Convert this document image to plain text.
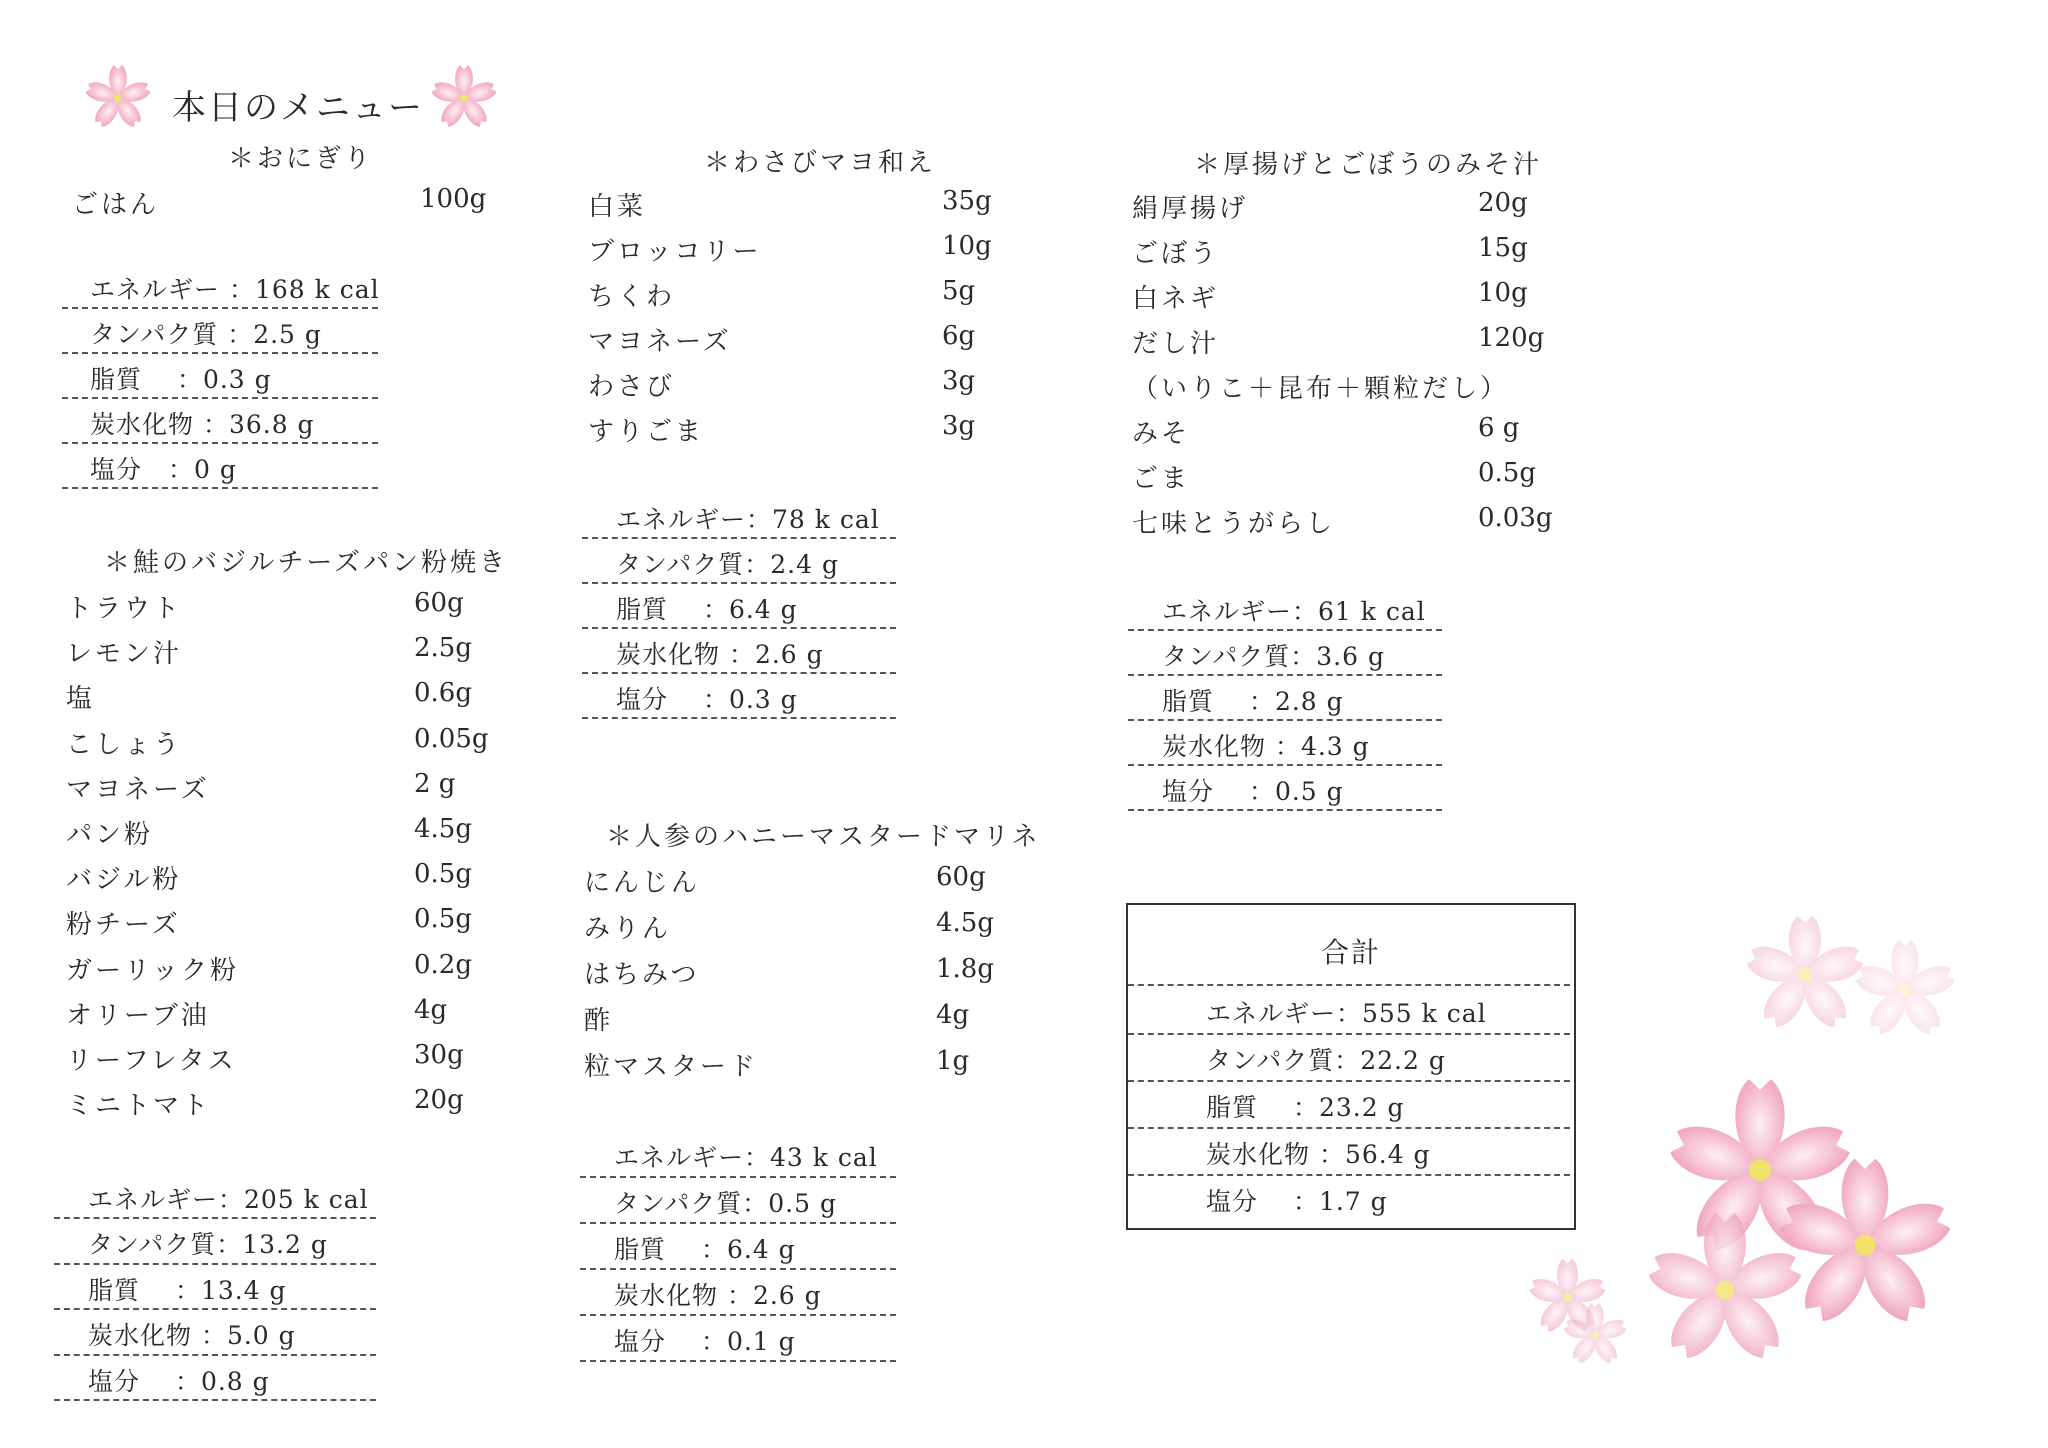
本日のメニュー
＊おにぎり
ごはん	100g
エネルギー ：168 k cal
タンパク質 ：2.5 g
脂質　 ：0.3 g
炭水化物 ：36.8 g
塩分　：0 g
＊鮭のバジルチーズパン粉焼き
トラウト	60g
レモン汁	2.5g
塩	0.6g
こしょう	0.05g
マヨネーズ	2 g
パン粉	4.5g
バジル粉	0.5g
粉チーズ	0.5g
ガーリック粉	0.2g
オリーブ油	4g
リーフレタス	30g
ミニトマト	20g
エネルギー：205 k cal
タンパク質：13.2 g
脂質　 ：13.4 g
炭水化物 ：5.0 g
塩分　 ：0.8 g
＊わさびマヨ和え
白菜	35g
ブロッコリー	10g
ちくわ	5g
マヨネーズ	6g
わさび	3g
すりごま	3g
エネルギー：78 k cal
タンパク質：2.4 g
脂質　 ：6.4 g
炭水化物 ：2.6 g
塩分　 ：0.3 g
＊人参のハニーマスタードマリネ
にんじん	60g
みりん	4.5g
はちみつ	1.8g
酢	4g
粒マスタード	1g
エネルギー：43 k cal
タンパク質：0.5 g
脂質　 ：6.4 g
炭水化物 ：2.6 g
塩分　 ：0.1 g
＊厚揚げとごぼうのみそ汁
絹厚揚げ	20g
ごぼう	15g
白ネギ	10g
だし汁	120g
（いりこ＋昆布＋顆粒だし）
みそ	6 g
ごま	0.5g
七味とうがらし	0.03g
エネルギー：61 k cal
タンパク質：3.6 g
脂質　 ：2.8 g
炭水化物 ：4.3 g
塩分　 ：0.5 g
合計
エネルギー：555 k cal
タンパク質：22.2 g
脂質　 ：23.2 g
炭水化物 ：56.4 g
塩分　 ：1.7 g
